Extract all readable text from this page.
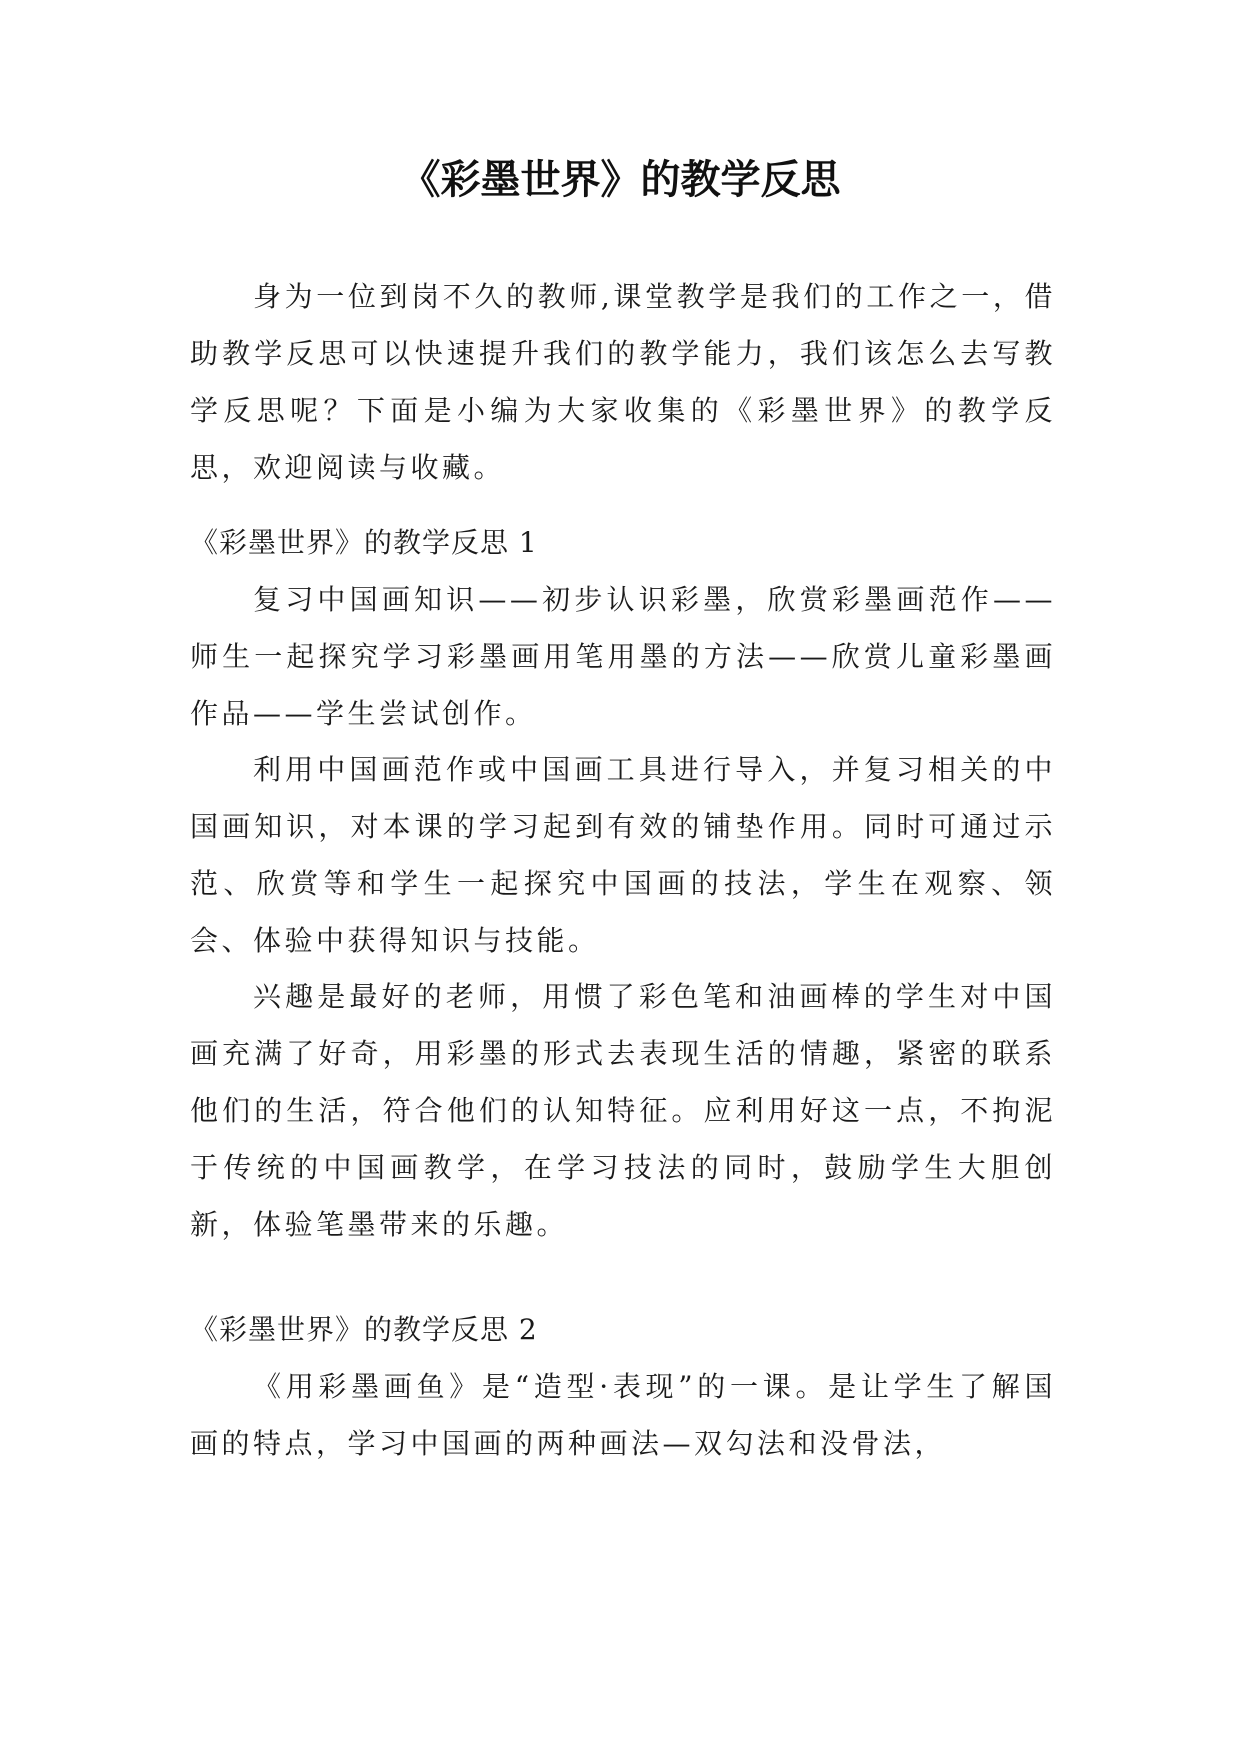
《彩墨世界》的教学反思

身为一位到岗不久的教师,课堂教学是我们的工作之一，借助教学反思可以快速提升我们的教学能力，我们该怎么去写教学反思呢？下面是小编为大家收集的《彩墨世界》的教学反思，欢迎阅读与收藏。

《彩墨世界》的教学反思 1

复习中国画知识——初步认识彩墨，欣赏彩墨画范作——师生一起探究学习彩墨画用笔用墨的方法——欣赏儿童彩墨画作品——学生尝试创作。

利用中国画范作或中国画工具进行导入，并复习相关的中国画知识，对本课的学习起到有效的铺垫作用。同时可通过示范、欣赏等和学生一起探究中国画的技法，学生在观察、领会、体验中获得知识与技能。

兴趣是最好的老师，用惯了彩色笔和油画棒的学生对中国画充满了好奇，用彩墨的形式去表现生活的情趣，紧密的联系他们的生活，符合他们的认知特征。应利用好这一点，不拘泥于传统的中国画教学，在学习技法的同时，鼓励学生大胆创新，体验笔墨带来的乐趣。

《彩墨世界》的教学反思 2

《用彩墨画鱼》是“造型·表现”的一课。是让学生了解国画的特点，学习中国画的两种画法—双勾法和没骨法，
